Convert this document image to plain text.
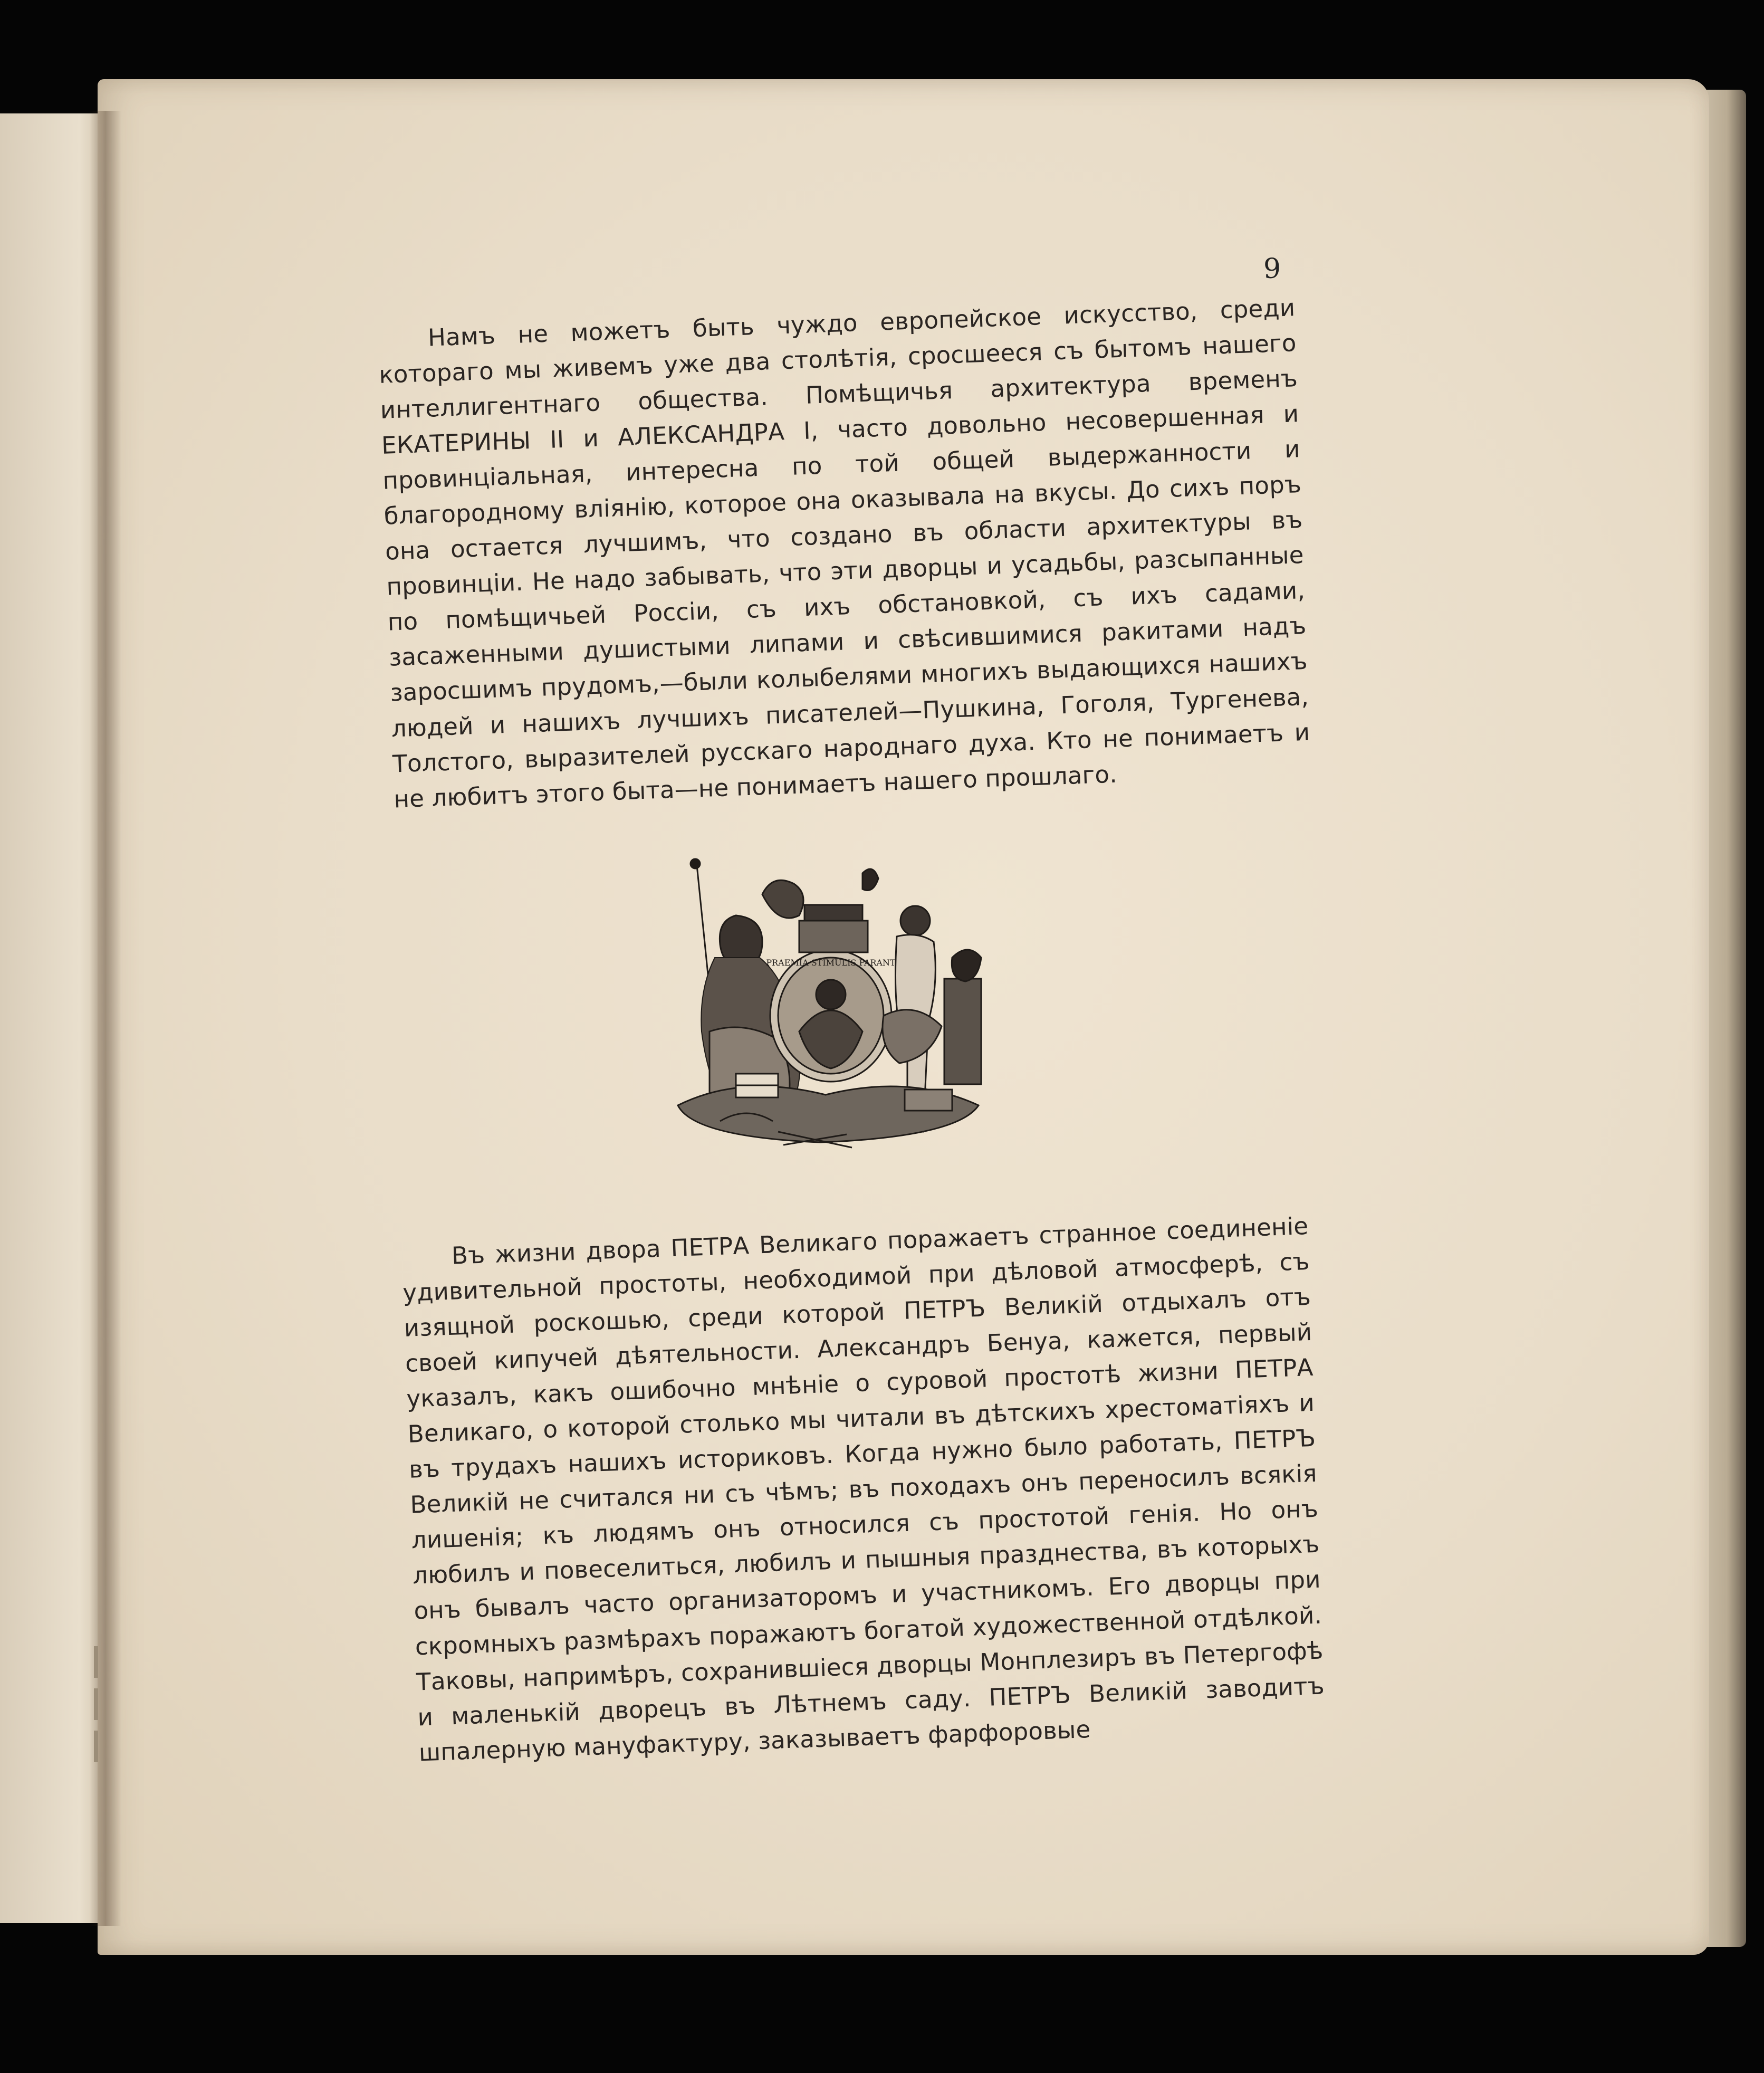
9

Намъ не можетъ быть чуждо европейское искусство, среди котораго мы живемъ уже два столѣтія, сросшееся съ бытомъ нашего интеллигентнаго общества. Помѣщичья архитектура временъ ЕКАТЕРИНЫ II и АЛЕКСАНДРА I, часто довольно несовершенная и провинціальная, интересна по той общей выдержанности и благородному вліянію, которое она оказывала на вкусы. До сихъ поръ она остается лучшимъ, что создано въ области архитектуры въ провинціи. Не надо забывать, что эти дворцы и усадьбы, разсыпанные по помѣщичьей Россіи, съ ихъ обстановкой, съ ихъ садами, засаженными душистыми липами и свѣсившимися ракитами надъ заросшимъ прудомъ,—были колыбелями многихъ выдающихся нашихъ людей и нашихъ лучшихъ писателей—Пушкина, Гоголя, Тургенева, Толстого, выразителей русскаго народнаго духа. Кто не понимаетъ и не любитъ этого быта—не понимаетъ нашего прошлаго.

PRAEMIA STIMULIS PARANT

Въ жизни двора ПЕТРА Великаго поражаетъ странное соединеніе удивительной простоты, необходимой при дѣловой атмосферѣ, съ изящной роскошью, среди которой ПЕТРЪ Великій отдыхалъ отъ своей кипучей дѣятельности. Александръ Бенуа, кажется, первый указалъ, какъ ошибочно мнѣніе о суровой простотѣ жизни ПЕТРА Великаго, о которой столько мы читали въ дѣтскихъ хрестоматіяхъ и въ трудахъ нашихъ историковъ. Когда нужно было работать, ПЕТРЪ Великій не считался ни съ чѣмъ; въ походахъ онъ переносилъ всякія лишенія; къ людямъ онъ относился съ простотой генія. Но онъ любилъ и повеселиться, любилъ и пышныя празднества, въ которыхъ онъ бывалъ часто организаторомъ и участникомъ. Его дворцы при скромныхъ размѣрахъ поражаютъ богатой художественной отдѣлкой. Таковы, напримѣръ, сохранившіеся дворцы Монплезиръ въ Петергофѣ и маленькій дворецъ въ Лѣтнемъ саду. ПЕТРЪ Великій заводитъ шпалерную мануфактуру, заказываетъ фарфоровые
